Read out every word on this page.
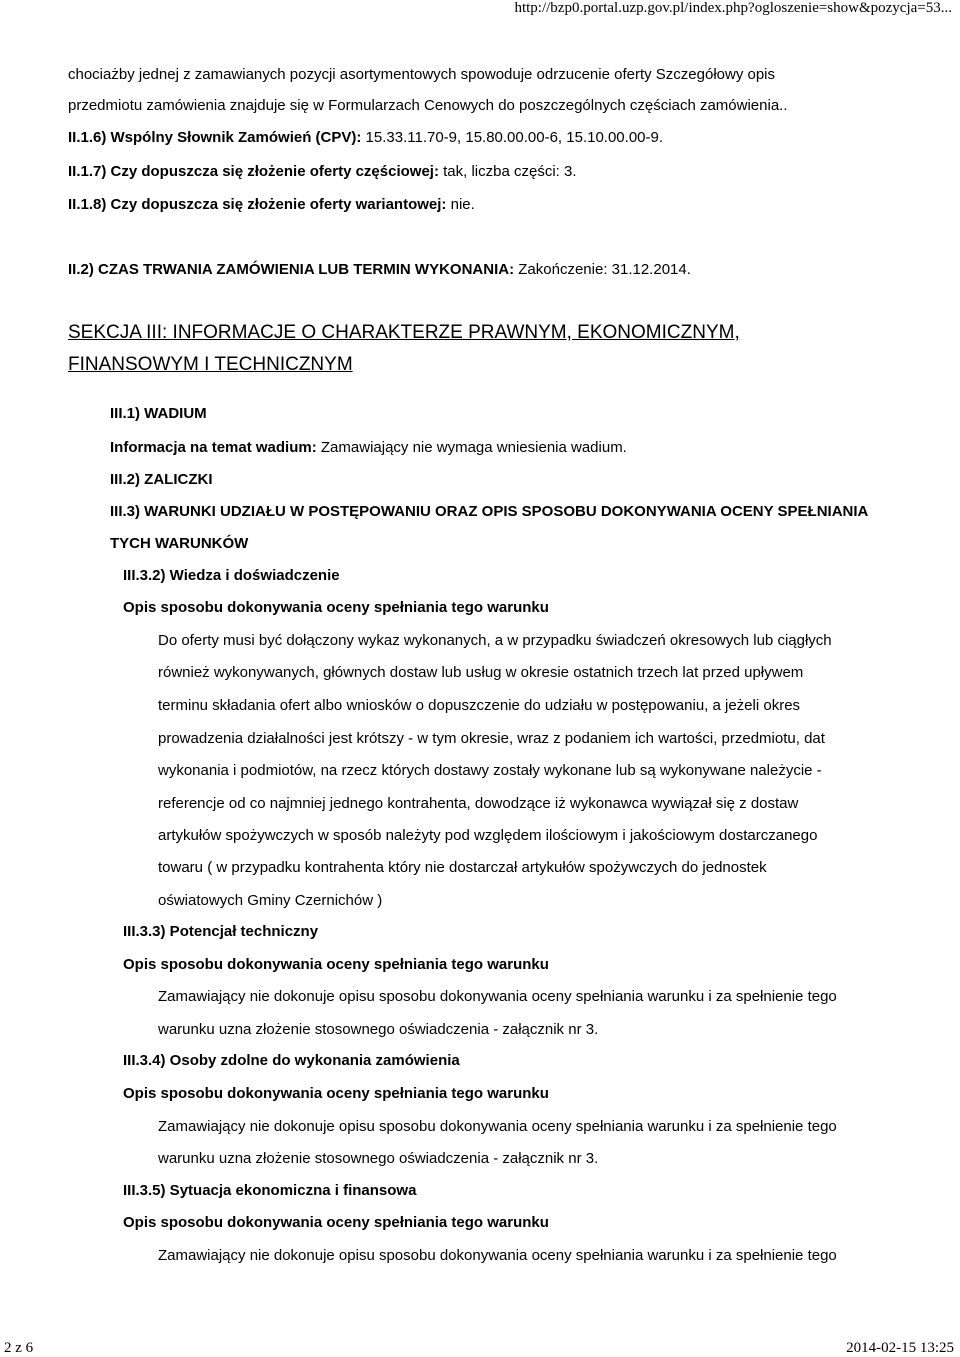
http://bzp0.portal.uzp.gov.pl/index.php?ogloszenie=show&pozycja=53...
chociażby jednej z zamawianych pozycji asortymentowych spowoduje odrzucenie oferty Szczegółowy opis
przedmiotu zamówienia znajduje się w Formularzach Cenowych do poszczególnych częściach zamówienia..
II.1.6) Wspólny Słownik Zamówień (CPV): 15.33.11.70-9, 15.80.00.00-6, 15.10.00.00-9.
II.1.7) Czy dopuszcza się złożenie oferty częściowej: tak, liczba części: 3.
II.1.8) Czy dopuszcza się złożenie oferty wariantowej: nie.
II.2) CZAS TRWANIA ZAMÓWIENIA LUB TERMIN WYKONANIA: Zakończenie: 31.12.2014.
SEKCJA III: INFORMACJE O CHARAKTERZE PRAWNYM, EKONOMICZNYM,
FINANSOWYM I TECHNICZNYM
III.1) WADIUM
Informacja na temat wadium: Zamawiający nie wymaga wniesienia wadium.
III.2) ZALICZKI
III.3) WARUNKI UDZIAŁU W POSTĘPOWANIU ORAZ OPIS SPOSOBU DOKONYWANIA OCENY SPEŁNIANIA
TYCH WARUNKÓW
III.3.2) Wiedza i doświadczenie
Opis sposobu dokonywania oceny spełniania tego warunku
Do oferty musi być dołączony wykaz wykonanych, a w przypadku świadczeń okresowych lub ciągłych
również wykonywanych, głównych dostaw lub usług w okresie ostatnich trzech lat przed upływem
terminu składania ofert albo wniosków o dopuszczenie do udziału w postępowaniu, a jeżeli okres
prowadzenia działalności jest krótszy - w tym okresie, wraz z podaniem ich wartości, przedmiotu, dat
wykonania i podmiotów, na rzecz których dostawy zostały wykonane lub są wykonywane należycie -
referencje od co najmniej jednego kontrahenta, dowodzące iż wykonawca wywiązał się z dostaw
artykułów spożywczych w sposób należyty pod względem ilościowym i jakościowym dostarczanego
towaru ( w przypadku kontrahenta który nie dostarczał artykułów spożywczych do jednostek
oświatowych Gminy Czernichów )
III.3.3) Potencjał techniczny
Opis sposobu dokonywania oceny spełniania tego warunku
Zamawiający nie dokonuje opisu sposobu dokonywania oceny spełniania warunku i za spełnienie tego
warunku uzna złożenie stosownego oświadczenia - załącznik nr 3.
III.3.4) Osoby zdolne do wykonania zamówienia
Opis sposobu dokonywania oceny spełniania tego warunku
Zamawiający nie dokonuje opisu sposobu dokonywania oceny spełniania warunku i za spełnienie tego
warunku uzna złożenie stosownego oświadczenia - załącznik nr 3.
III.3.5) Sytuacja ekonomiczna i finansowa
Opis sposobu dokonywania oceny spełniania tego warunku
Zamawiający nie dokonuje opisu sposobu dokonywania oceny spełniania warunku i za spełnienie tego
2 z 6	2014-02-15 13:25
